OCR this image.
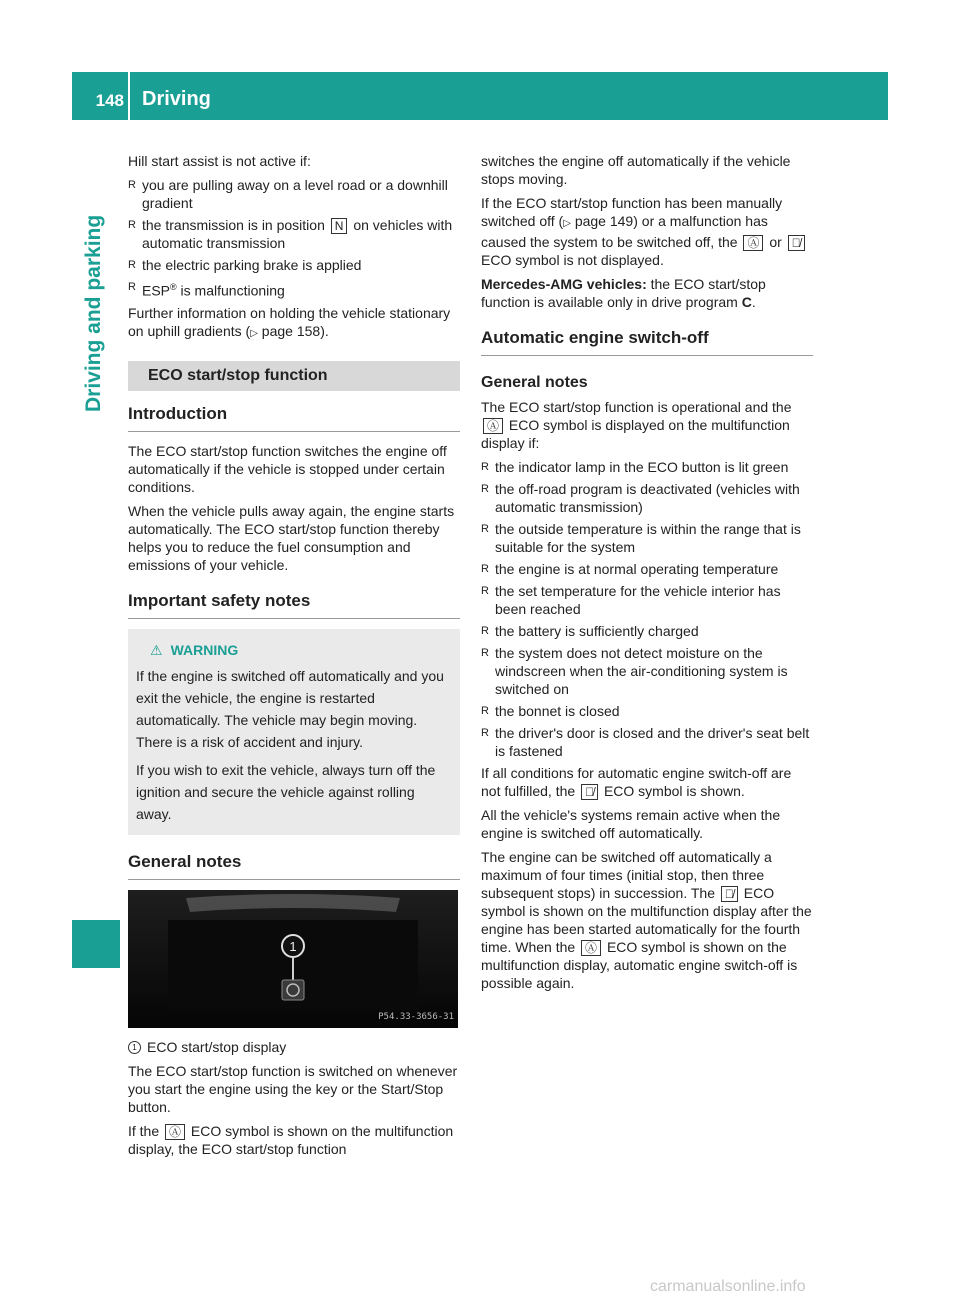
148 Driving
Driving and parking

Hill start assist is not active if:

R you are pulling away on a level road or a downhill gradient
R the transmission is in position N on vehicles with automatic transmission
R the electric parking brake is applied
R ESP® is malfunctioning

Further information on holding the vehicle stationary on uphill gradients (▷ page 158).

ECO start/stop function
Introduction

The ECO start/stop function switches the engine off automatically if the vehicle is stopped under certain conditions.

When the vehicle pulls away again, the engine starts automatically. The ECO start/stop function thereby helps you to reduce the fuel consumption and emissions of your vehicle.

Important safety notes
⚠ WARNING

If the engine is switched off automatically and you exit the vehicle, the engine is restarted automatically. The vehicle may begin moving. There is a risk of accident and injury.

If you wish to exit the vehicle, always turn off the ignition and secure the vehicle against rolling away.

General notes
1
P54.33-3656-31

1 ECO start/stop display

The ECO start/stop function is switched on whenever you start the engine using the key or the Start/Stop button.

If the Ⓐ ECO symbol is shown on the multifunction display, the ECO start/stop function

switches the engine off automatically if the vehicle stops moving.

If the ECO start/stop function has been manually switched off (▷ page 149) or a malfunction has caused the system to be switched off, the Ⓐ or Ⓐ̸ ECO symbol is not displayed.

Mercedes-AMG vehicles: the ECO start/stop function is available only in drive program C.

Automatic engine switch-off
General notes

The ECO start/stop function is operational and the Ⓐ ECO symbol is displayed on the multifunction display if:

R the indicator lamp in the ECO button is lit green
R the off-road program is deactivated (vehicles with automatic transmission)
R the outside temperature is within the range that is suitable for the system
R the engine is at normal operating temperature
R the set temperature for the vehicle interior has been reached
R the battery is sufficiently charged
R the system does not detect moisture on the windscreen when the air-conditioning system is switched on
R the bonnet is closed
R the driver's door is closed and the driver's seat belt is fastened

If all conditions for automatic engine switch-off are not fulfilled, the Ⓐ̸ ECO symbol is shown.

All the vehicle's systems remain active when the engine is switched off automatically.

The engine can be switched off automatically a maximum of four times (initial stop, then three subsequent stops) in succession. The Ⓐ̸ ECO symbol is shown on the multifunction display after the engine has been started automatically for the fourth time. When the Ⓐ ECO symbol is shown on the multifunction display, automatic engine switch-off is possible again.

carmanualsonline.info
